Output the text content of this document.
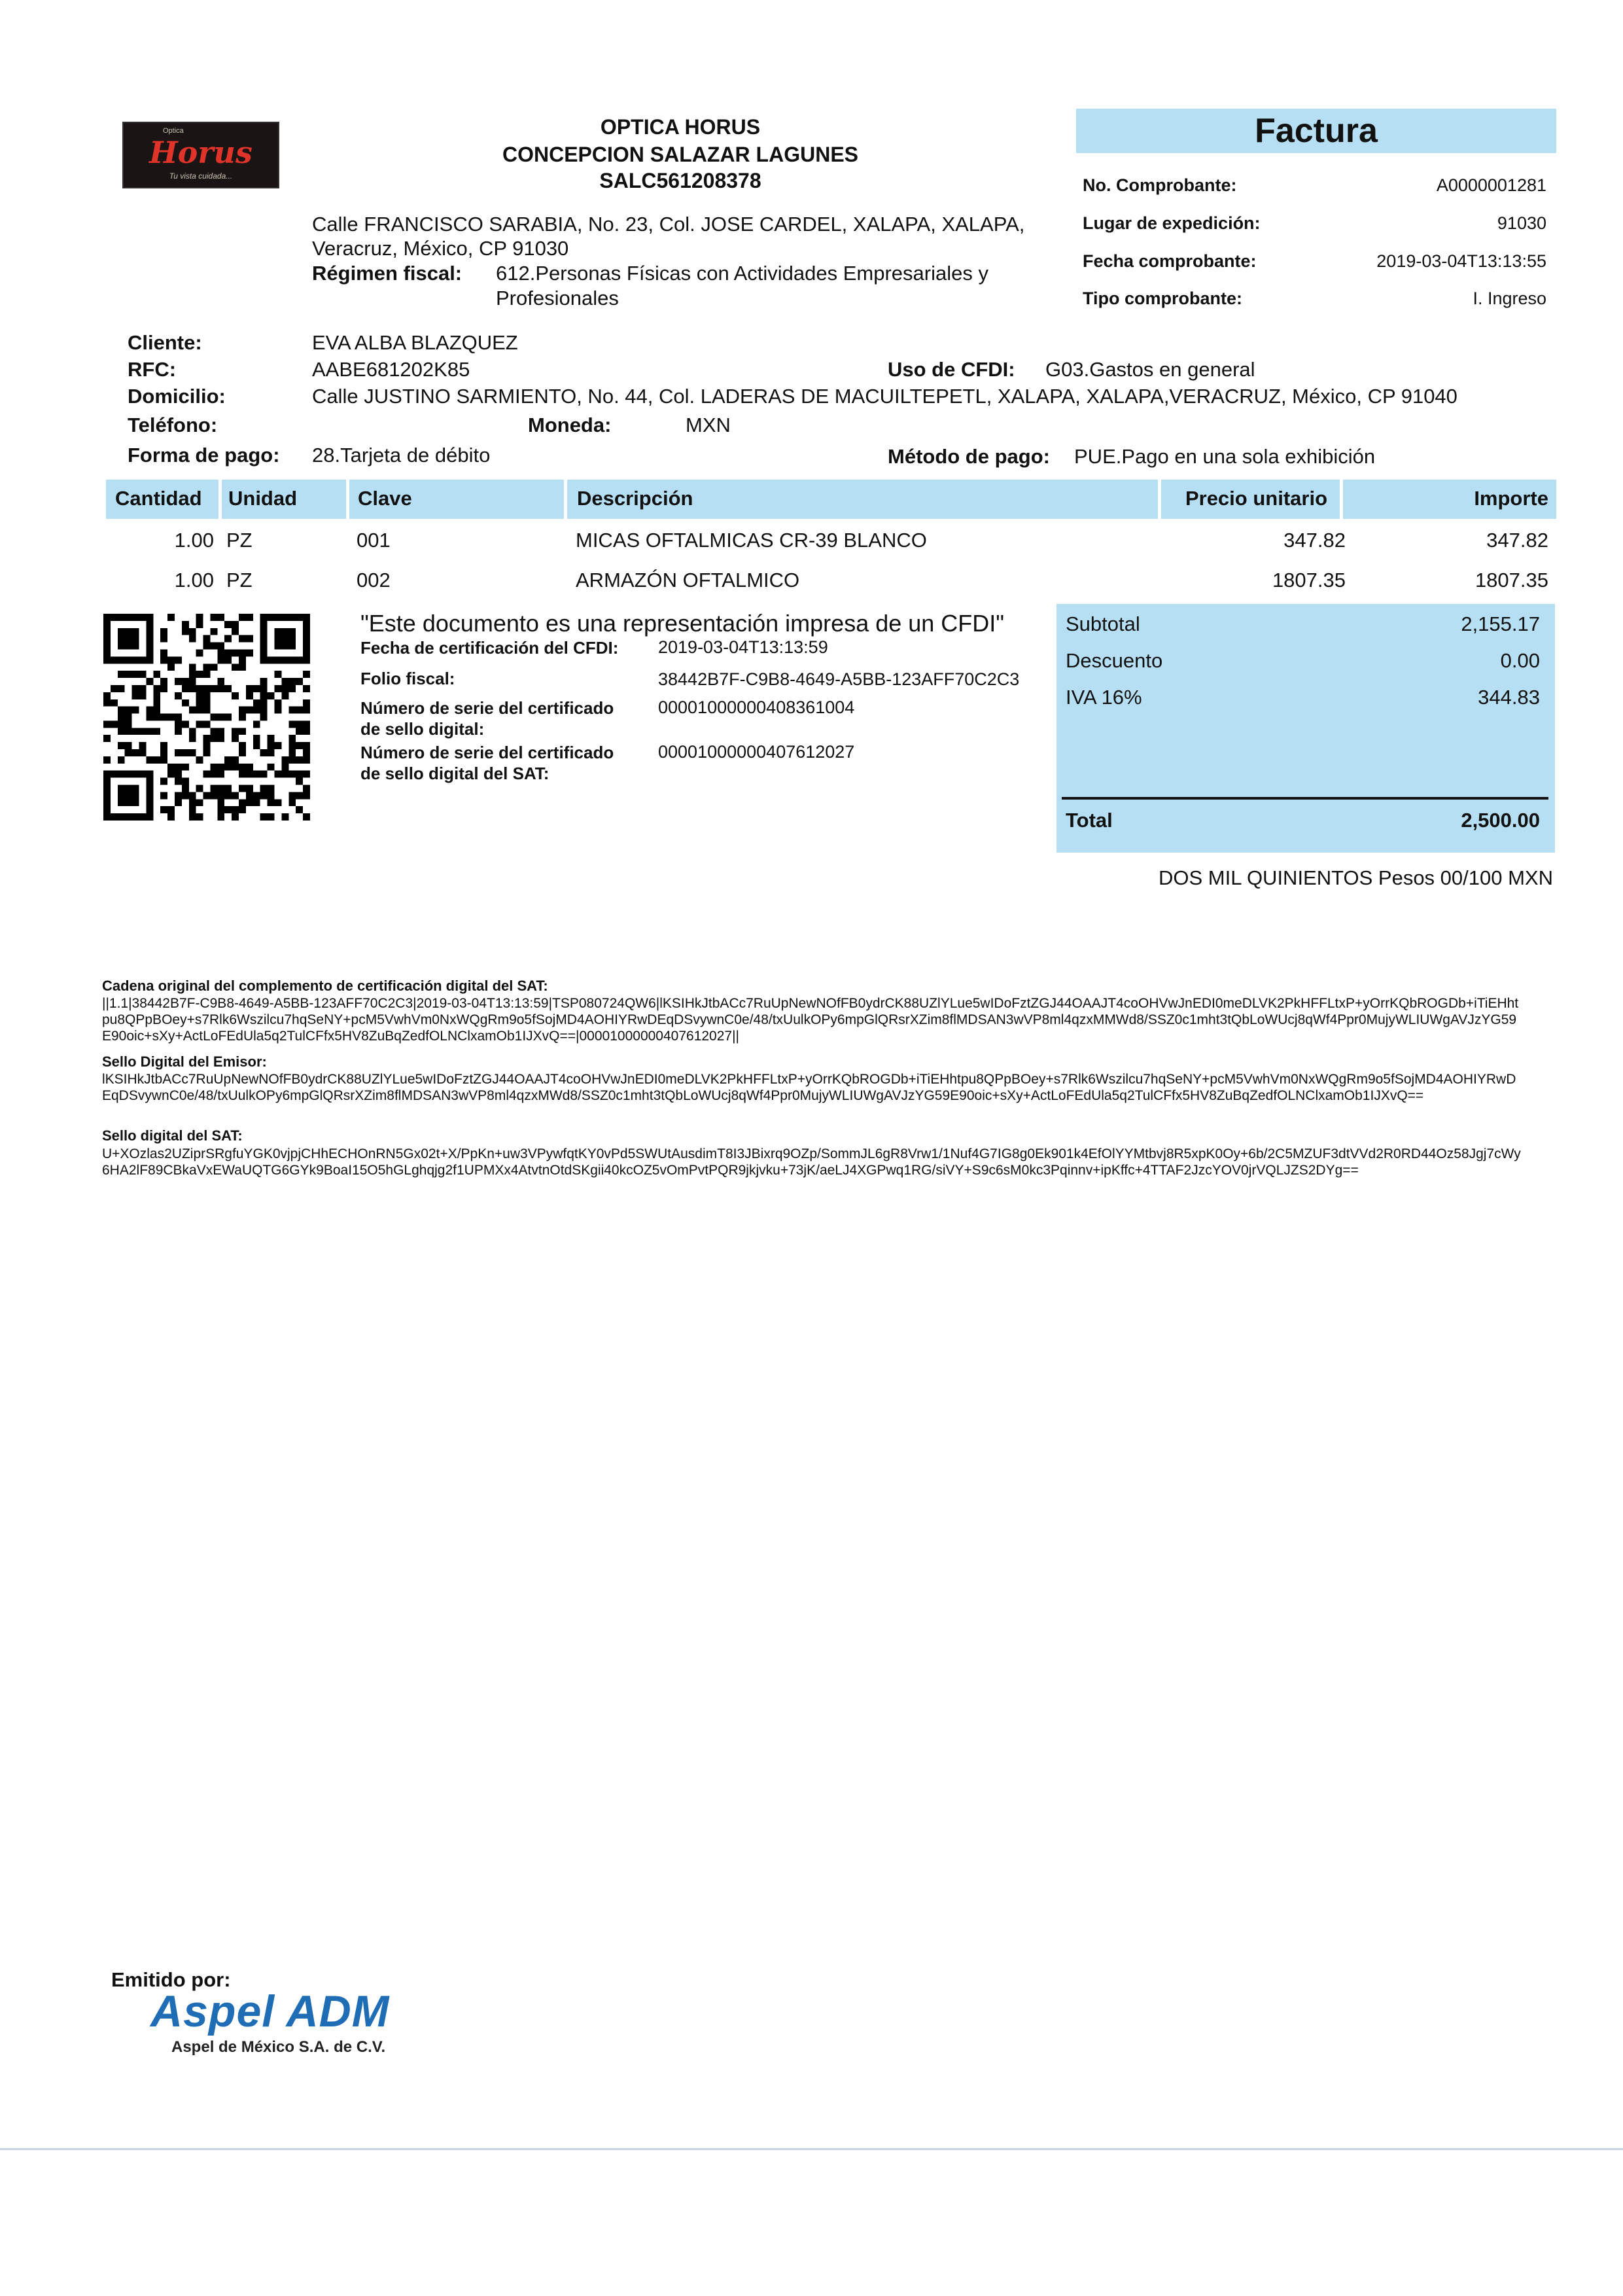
Optica
Horus
Tu vista cuidada...
OPTICA HORUS
CONCEPCION SALAZAR LAGUNES
SALC561208378
Calle FRANCISCO SARABIA, No. 23, Col. JOSE CARDEL, XALAPA, XALAPA,
Veracruz, México, CP 91030
Régimen fiscal: 612.Personas Físicas con Actividades Empresariales y
Profesionales
Factura
No. Comprobante:	A0000001281
Lugar de expedición:	91030
Fecha comprobante:	2019-03-04T13:13:55
Tipo comprobante:	I. Ingreso
Cliente:	EVA ALBA BLAZQUEZ
RFC:	AABE681202K85	Uso de CFDI: G03.Gastos en general
Domicilio:	Calle JUSTINO SARMIENTO, No. 44, Col. LADERAS DE MACUILTEPETL, XALAPA, XALAPA,VERACRUZ, México, CP 91040
Teléfono:	Moneda:	MXN
Forma de pago: 28.Tarjeta de débito	Método de pago: PUE.Pago en una sola exhibición
Cantidad	Unidad	Clave	Descripción	Precio unitario	Importe
1.00 PZ	001	MICAS OFTALMICAS CR-39 BLANCO	347.82	347.82
1.00 PZ	002	ARMAZÓN OFTALMICO	1807.35	1807.35
"Este documento es una representación impresa de un CFDI"
Fecha de certificación del CFDI: 2019-03-04T13:13:59
Folio fiscal:	38442B7F-C9B8-4649-A5BB-123AFF70C2C3
Número de serie del certificado
de sello digital:
00001000000408361004
Número de serie del certificado
de sello digital del SAT:
00001000000407612027
Subtotal	2,155.17
Descuento	0.00
IVA 16%	344.83
Total	2,500.00
DOS MIL QUINIENTOS Pesos 00/100 MXN
Cadena original del complemento de certificación digital del SAT:
||1.1|38442B7F-C9B8-4649-A5BB-123AFF70C2C3|2019-03-04T13:13:59|TSP080724QW6|lKSIHkJtbACc7RuUpNewNOfFB0ydrCK88UZlYLue5wIDoFztZGJ44OAAJT4coOHVwJnEDI0meDLVK2PkHFFLtxP+yOrrKQbROGDb+iTiEHhtpu8QPpBOey+s7Rlk6Wszilcu7hqSeNY+pcM5VwhVm0NxWQgRm9o5fSojMD4AOHIYRwDEqDSvywnC0e/48/txUulkOPy6mpGlQRsrXZim8flMDSAN3wVP8ml4qzxMMWd8/SSZ0c1mht3tQbLoWUcj8qWf4Ppr0MujyWLIUWgAVJzYG59E90oic+sXy+ActLoFEdUla5q2TulCFfx5HV8ZuBqZedfOLNClxamOb1IJXvQ==|00001000000407612027||
Sello Digital del Emisor:
lKSIHkJtbACc7RuUpNewNOfFB0ydrCK88UZlYLue5wIDoFztZGJ44OAAJT4coOHVwJnEDI0meDLVK2PkHFFLtxP+yOrrKQbROGDb+iTiEHhtpu8QPpBOey+s7Rlk6Wszilcu7hqSeNY+pcM5VwhVm0NxWQgRm9o5fSojMD4AOHIYRwDEqDSvywnC0e/48/txUulkOPy6mpGlQRsrXZim8flMDSAN3wVP8ml4qzxMWd8/SSZ0c1mht3tQbLoWUcj8qWf4Ppr0MujyWLIUWgAVJzYG59E90oic+sXy+ActLoFEdUla5q2TulCFfx5HV8ZuBqZedfOLNClxamOb1IJXvQ==
Sello digital del SAT:
U+XOzlas2UZiprSRgfuYGK0vjpjCHhECHOnRN5Gx02t+X/PpKn+uw3VPywfqtKY0vPd5SWUtAusdimT8I3JBixrq9OZp/SommJL6gR8Vrw1/1Nuf4G7IG8g0Ek901k4EfOlYYMtbvj8R5xpK0Oy+6b/2C5MZUF3dtVVd2R0RD44Oz58Jgj7cWy6HA2lF89CBkaVxEWaUQTG6GYk9BoaI15O5hGLghqjg2f1UPMXx4AtvtnOtdSKgii40kcOZ5vOmPvtPQR9jkjvku+73jK/aeLJ4XGPwq1RG/siVY+S9c6sM0kc3Pqinnv+ipKffc+4TTAF2JzcYOV0jrVQLJZS2DYg==
Emitido por:
Aspel ADM
Aspel de México S.A. de C.V.
